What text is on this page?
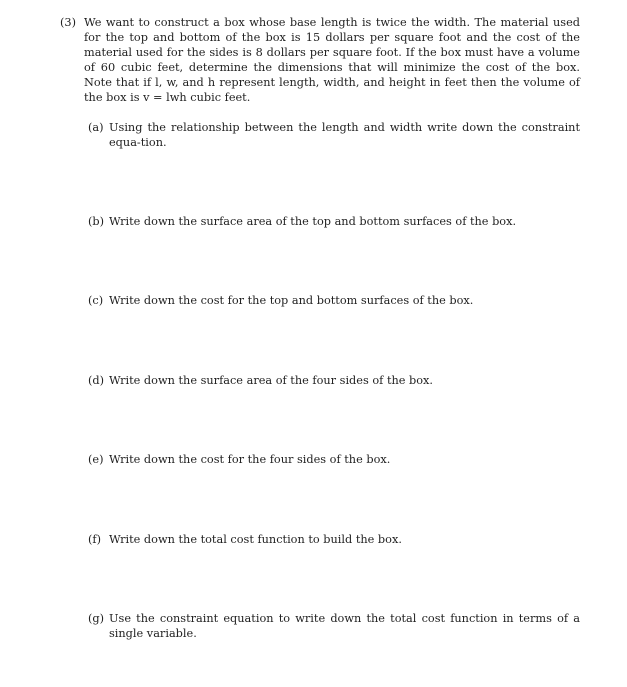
(3) We want to construct a box whose base length is twice the width. The material used for the top and bottom of the box is 15 dollars per square foot and the cost of the material used for the sides is 8 dollars per square foot. If the box must have a volume of 60 cubic feet, determine the dimensions that will minimize the cost of the box. Note that if l, w, and h represent length, width, and height in feet then the volume of the box is v = lwh cubic feet.
(a) Using the relationship between the length and width write down the constraint equa-tion.
(b) Write down the surface area of the top and bottom surfaces of the box.
(c) Write down the cost for the top and bottom surfaces of the box.
(d) Write down the surface area of the four sides of the box.
(e) Write down the cost for the four sides of the box.
(f) Write down the total cost function to build the box.
(g) Use the constraint equation to write down the total cost function in terms of a single variable.
